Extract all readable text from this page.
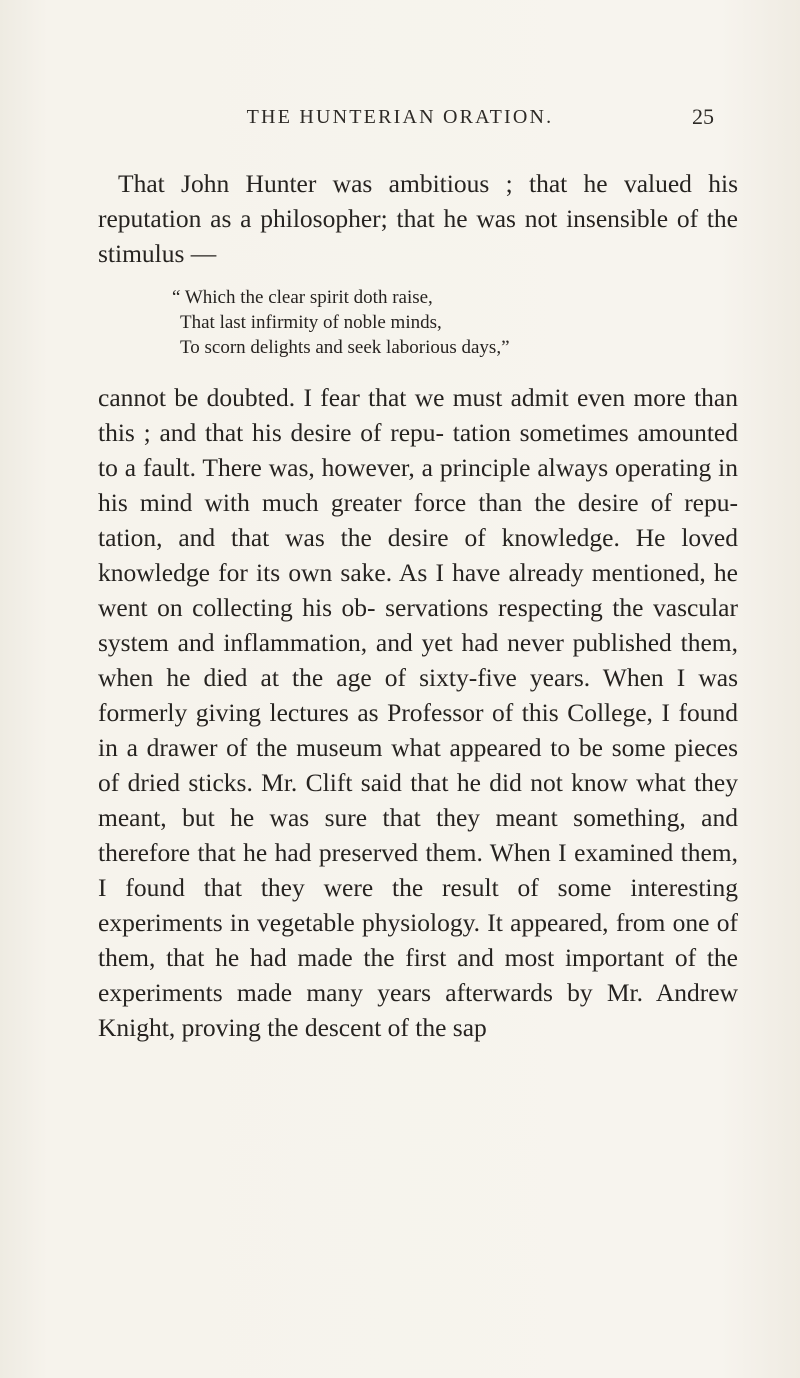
THE HUNTERIAN ORATION.	25

That John Hunter was ambitious ; that he valued his reputation as a philosopher; that he was not insensible of the stimulus —

“ Which the clear spirit doth raise,
That last infirmity of noble minds,
To scorn delights and seek laborious days,”

cannot be doubted. I fear that we must admit even more than this ; and that his desire of repu- tation sometimes amounted to a fault. There was, however, a principle always operating in his mind with much greater force than the desire of repu- tation, and that was the desire of knowledge. He loved knowledge for its own sake. As I have already mentioned, he went on collecting his ob- servations respecting the vascular system and inflammation, and yet had never published them, when he died at the age of sixty-five years. When I was formerly giving lectures as Professor of this College, I found in a drawer of the museum what appeared to be some pieces of dried sticks. Mr. Clift said that he did not know what they meant, but he was sure that they meant something, and therefore that he had preserved them. When I examined them, I found that they were the result of some interesting experiments in vegetable physiology. It appeared, from one of them, that he had made the first and most important of the experiments made many years afterwards by Mr. Andrew Knight, proving the descent of the sap
